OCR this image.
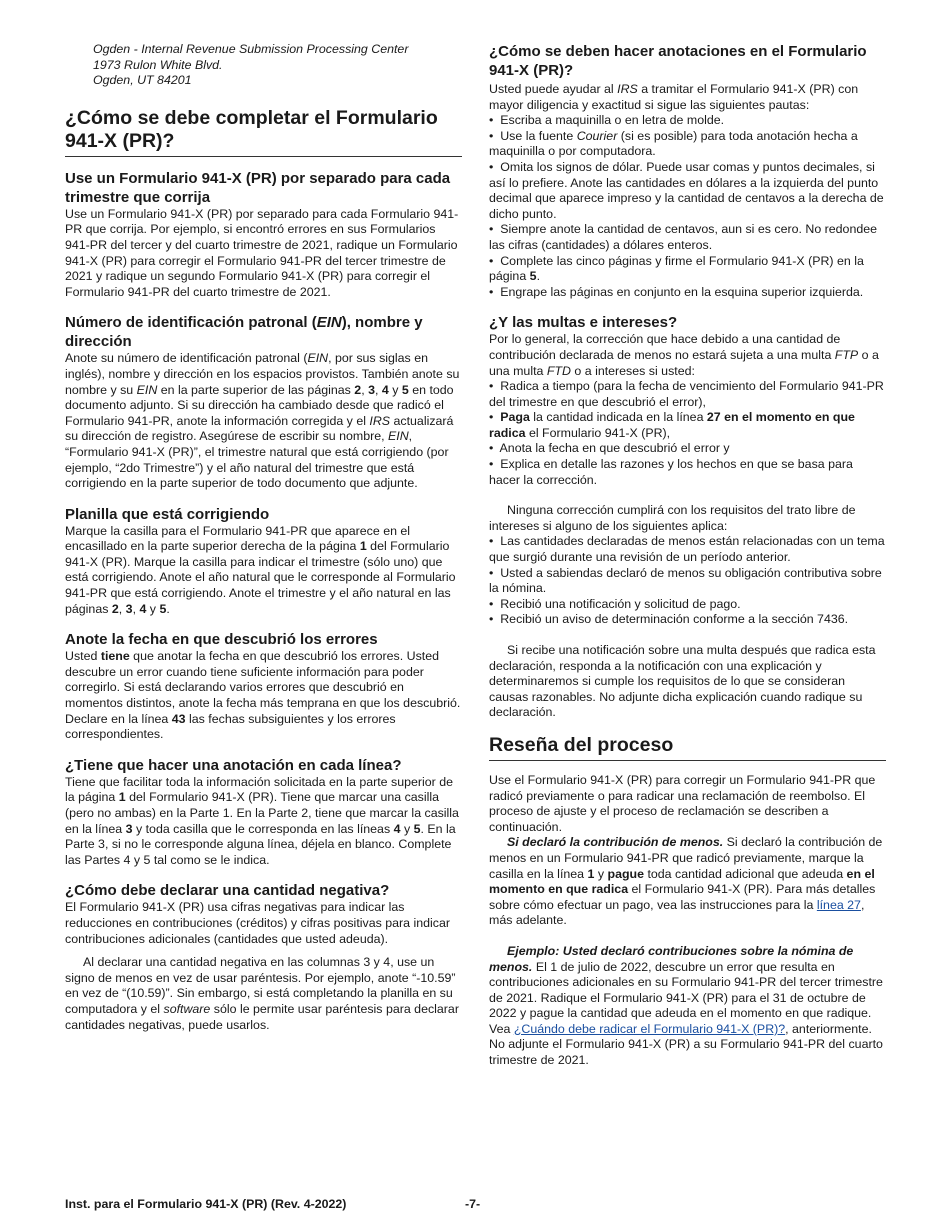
Ogden - Internal Revenue Submission Processing Center
1973 Rulon White Blvd.
Ogden, UT 84201
¿Cómo se debe completar el Formulario 941-X (PR)?
Use un Formulario 941-X (PR) por separado para cada trimestre que corrija

Use un Formulario 941-X (PR) por separado para cada Formulario 941-PR que corrija. Por ejemplo, si encontró errores en sus Formularios 941-PR del tercer y del cuarto trimestre de 2021, radique un Formulario 941-X (PR) para corregir el Formulario 941-PR del tercer trimestre de 2021 y radique un segundo Formulario 941-X (PR) para corregir el Formulario 941-PR del cuarto trimestre de 2021.

Número de identificación patronal (EIN), nombre y dirección

Anote su número de identificación patronal (EIN, por sus siglas en inglés), nombre y dirección en los espacios provistos. También anote su nombre y su EIN en la parte superior de las páginas 2, 3, 4 y 5 en todo documento adjunto. Si su dirección ha cambiado desde que radicó el Formulario 941-PR, anote la información corregida y el IRS actualizará su dirección de registro. Asegúrese de escribir su nombre, EIN, “Formulario 941-X (PR)”, el trimestre natural que está corrigiendo (por ejemplo, “2do Trimestre”) y el año natural del trimestre que está corrigiendo en la parte superior de todo documento que adjunte.

Planilla que está corrigiendo

Marque la casilla para el Formulario 941-PR que aparece en el encasillado en la parte superior derecha de la página 1 del Formulario 941-X (PR). Marque la casilla para indicar el trimestre (sólo uno) que está corrigiendo. Anote el año natural que le corresponde al Formulario 941-PR que está corrigiendo. Anote el trimestre y el año natural en las páginas 2, 3, 4 y 5.

Anote la fecha en que descubrió los errores

Usted tiene que anotar la fecha en que descubrió los errores. Usted descubre un error cuando tiene suficiente información para poder corregirlo. Si está declarando varios errores que descubrió en momentos distintos, anote la fecha más temprana en que los descubrió. Declare en la línea 43 las fechas subsiguientes y los errores correspondientes.

¿Tiene que hacer una anotación en cada línea?

Tiene que facilitar toda la información solicitada en la parte superior de la página 1 del Formulario 941-X (PR). Tiene que marcar una casilla (pero no ambas) en la Parte 1. En la Parte 2, tiene que marcar la casilla en la línea 3 y toda casilla que le corresponda en las líneas 4 y 5. En la Parte 3, si no le corresponde alguna línea, déjela en blanco. Complete las Partes 4 y 5 tal como se le indica.

¿Cómo debe declarar una cantidad negativa?

El Formulario 941-X (PR) usa cifras negativas para indicar las reducciones en contribuciones (créditos) y cifras positivas para indicar contribuciones adicionales (cantidades que usted adeuda).

Al declarar una cantidad negativa en las columnas 3 y 4, use un signo de menos en vez de usar paréntesis. Por ejemplo, anote “-10.59” en vez de “(10.59)”. Sin embargo, si está completando la planilla en su computadora y el software sólo le permite usar paréntesis para declarar cantidades negativas, puede usarlos.

¿Cómo se deben hacer anotaciones en el Formulario 941-X (PR)?

Usted puede ayudar al IRS a tramitar el Formulario 941-X (PR) con mayor diligencia y exactitud si sigue las siguientes pautas:

•  Escriba a maquinilla o en letra de molde.

•  Use la fuente Courier (si es posible) para toda anotación hecha a maquinilla o por computadora.

•  Omita los signos de dólar. Puede usar comas y puntos decimales, si así lo prefiere. Anote las cantidades en dólares a la izquierda del punto decimal que aparece impreso y la cantidad de centavos a la derecha de dicho punto.

•  Siempre anote la cantidad de centavos, aun si es cero. No redondee las cifras (cantidades) a dólares enteros.

•  Complete las cinco páginas y firme el Formulario 941-X (PR) en la página 5.

•  Engrape las páginas en conjunto en la esquina superior izquierda.

¿Y las multas e intereses?

Por lo general, la corrección que hace debido a una cantidad de contribución declarada de menos no estará sujeta a una multa FTP o a una multa FTD o a intereses si usted:

•  Radica a tiempo (para la fecha de vencimiento del Formulario 941-PR del trimestre en que descubrió el error),

•  Paga la cantidad indicada en la línea 27 en el momento en que radica el Formulario 941-X (PR),

•  Anota la fecha en que descubrió el error y

•  Explica en detalle las razones y los hechos en que se basa para hacer la corrección.

Ninguna corrección cumplirá con los requisitos del trato libre de intereses si alguno de los siguientes aplica:

•  Las cantidades declaradas de menos están relacionadas con un tema que surgió durante una revisión de un período anterior.

•  Usted a sabiendas declaró de menos su obligación contributiva sobre la nómina.

•  Recibió una notificación y solicitud de pago.

•  Recibió un aviso de determinación conforme a la sección 7436.

Si recibe una notificación sobre una multa después que radica esta declaración, responda a la notificación con una explicación y determinaremos si cumple los requisitos de lo que se consideran causas razonables. No adjunte dicha explicación cuando radique su declaración.

Reseña del proceso

Use el Formulario 941-X (PR) para corregir un Formulario 941-PR que radicó previamente o para radicar una reclamación de reembolso. El proceso de ajuste y el proceso de reclamación se describen a continuación.

Si declaró la contribución de menos. Si declaró la contribución de menos en un Formulario 941-PR que radicó previamente, marque la casilla en la línea 1 y pague toda cantidad adicional que adeuda en el momento en que radica el Formulario 941-X (PR). Para más detalles sobre cómo efectuar un pago, vea las instrucciones para la línea 27, más adelante.

Ejemplo: Usted declaró contribuciones sobre la nómina de menos. El 1 de julio de 2022, descubre un error que resulta en contribuciones adicionales en su Formulario 941-PR del tercer trimestre de 2021. Radique el Formulario 941-X (PR) para el 31 de octubre de 2022 y pague la cantidad que adeuda en el momento en que radique. Vea ¿Cuándo debe radicar el Formulario 941-X (PR)?, anteriormente. No adjunte el Formulario 941-X (PR) a su Formulario 941-PR del cuarto trimestre de 2021.

Inst. para el Formulario 941-X (PR) (Rev. 4-2022)	-7-
